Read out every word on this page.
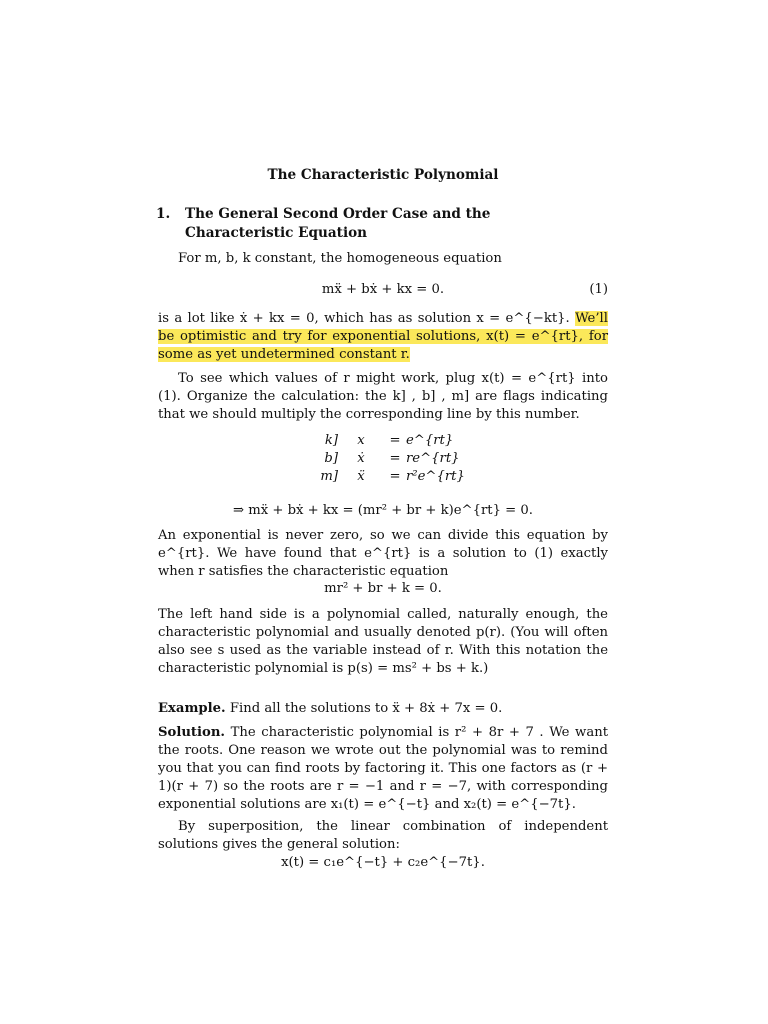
The Characteristic Polynomial
1. The General Second Order Case and the Characteristic Equation
For m, b, k constant, the homogeneous equation
mẍ + bẋ + kx = 0.	(1)
is a lot like ẋ + kx = 0, which has as solution x = e^{−kt}. We’ll be optimistic and try for exponential solutions, x(t) = e^{rt}, for some as yet undetermined constant r.
To see which values of r might work, plug x(t) = e^{rt} into (1). Organize the calculation: the k] , b] , m] are flags indicating that we should multiply the corresponding line by this number.
k]	x	=	e^{rt}
b]	ẋ	=	re^{rt}
m]	ẍ	=	r²e^{rt}
⇒ mẍ + bẋ + kx = (mr² + br + k)e^{rt} = 0.
An exponential is never zero, so we can divide this equation by e^{rt}. We have found that e^{rt} is a solution to (1) exactly when r satisfies the characteristic equation
mr² + br + k = 0.
The left hand side is a polynomial called, naturally enough, the characteristic polynomial and usually denoted p(r). (You will often also see s used as the variable instead of r. With this notation the characteristic polynomial is p(s) = ms² + bs + k.)
Example. Find all the solutions to ẍ + 8ẋ + 7x = 0.
Solution. The characteristic polynomial is r² + 8r + 7 . We want the roots. One reason we wrote out the polynomial was to remind you that you can find roots by factoring it. This one factors as (r + 1)(r + 7) so the roots are r = −1 and r = −7, with corresponding exponential solutions are x₁(t) = e^{−t} and x₂(t) = e^{−7t}.
By superposition, the linear combination of independent solutions gives the general solution:
x(t) = c₁e^{−t} + c₂e^{−7t}.
